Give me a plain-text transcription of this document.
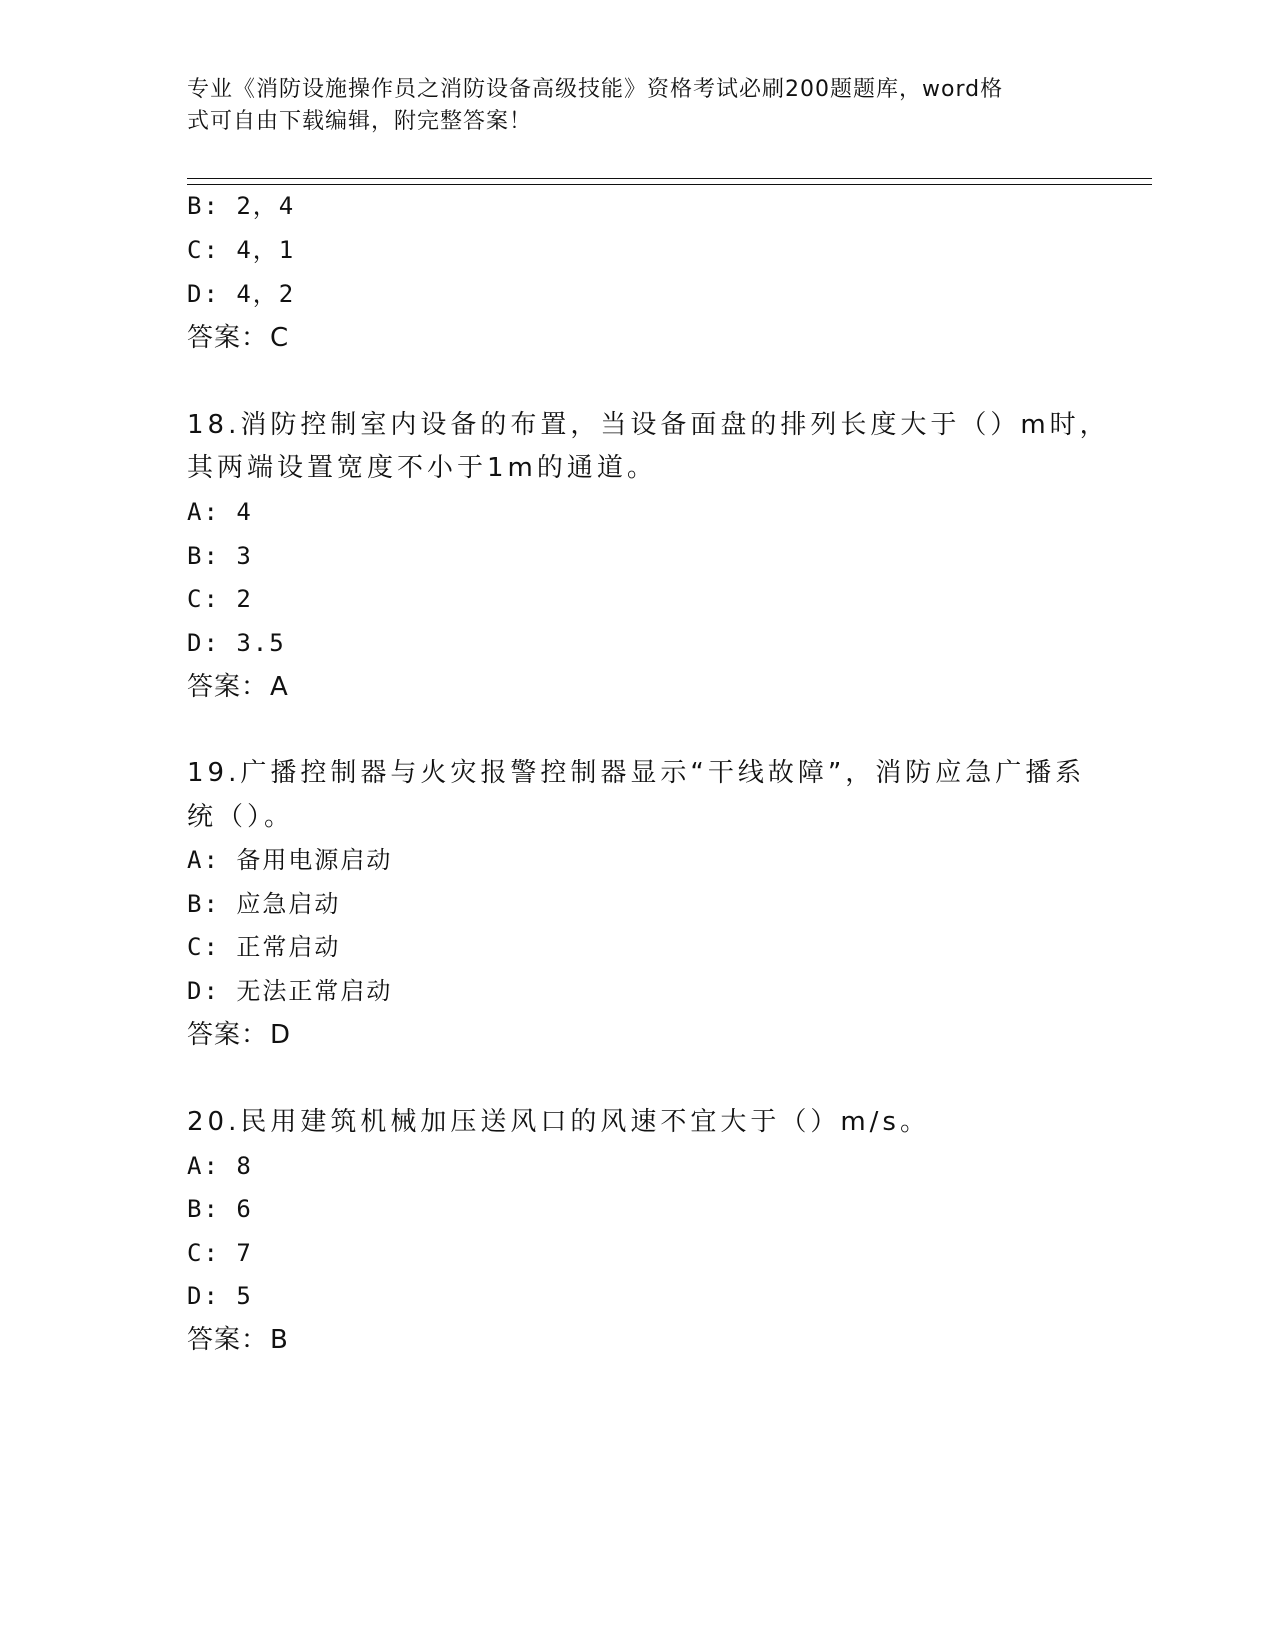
专业《消防设施操作员之消防设备高级技能》资格考试必刷200题题库，word格
式可自由下载编辑，附完整答案！
B: 2，4
C: 4，1
D: 4，2
答案：C
18.消防控制室内设备的布置，当设备面盘的排列长度大于（）m时，
其两端设置宽度不小于1m的通道。
A: 4
B: 3
C: 2
D: 3.5
答案：A
19.广播控制器与火灾报警控制器显示“干线故障”，消防应急广播系
统（）。
A: 备用电源启动
B: 应急启动
C: 正常启动
D: 无法正常启动
答案：D
20.民用建筑机械加压送风口的风速不宜大于（）m/s。
A: 8
B: 6
C: 7
D: 5
答案：B
